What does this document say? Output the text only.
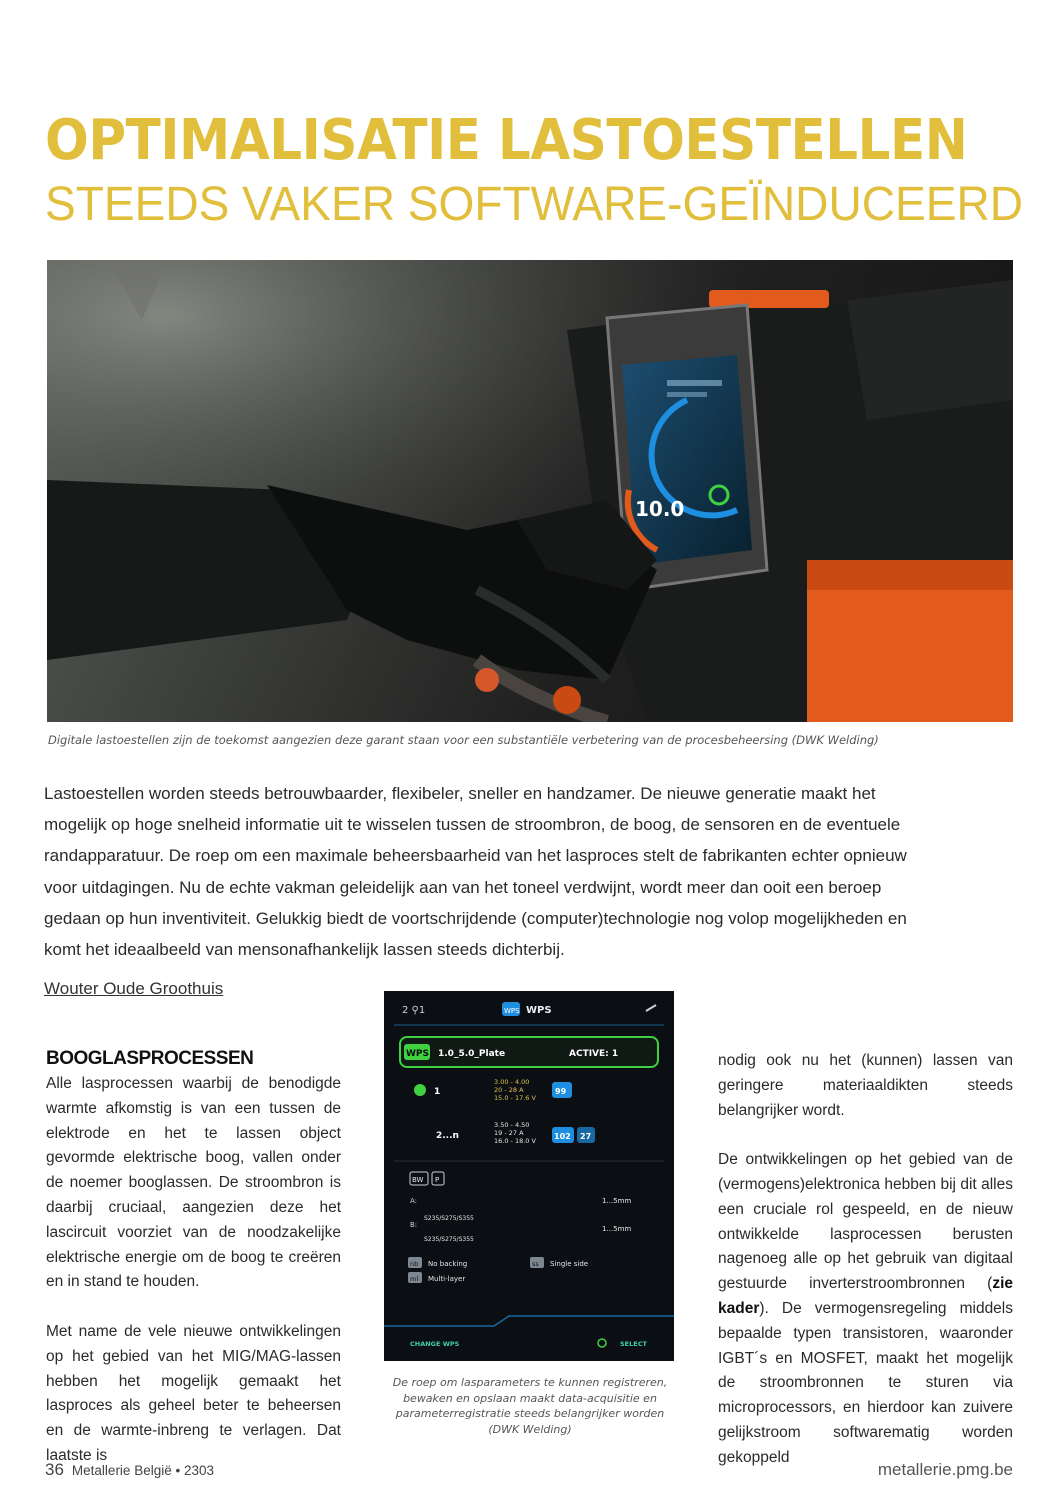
OPTIMALISATIE LASTOESTELLEN
STEEDS VAKER SOFTWARE-GEÏNDUCEERD
10.0
Digitale lastoestellen zijn de toekomst aangezien deze garant staan voor een substantiële verbetering van de procesbeheersing (DWK Welding)

Lastoestellen worden steeds betrouwbaarder, flexibeler, sneller en handzamer. De nieuwe generatie maakt het mogelijk op hoge snelheid informatie uit te wisselen tussen de stroombron, de boog, de sensoren en de eventuele randapparatuur. De roep om een maximale beheersbaarheid van het lasproces stelt de fabrikanten echter opnieuw voor uitdagingen. Nu de echte vakman geleidelijk aan van het toneel verdwijnt, wordt meer dan ooit een beroep gedaan op hun inventiviteit. Gelukkig biedt de voortschrijdende (computer)technologie nog volop mogelijkheden en komt het ideaalbeeld van mensonafhankelijk lassen steeds dichterbij.

Wouter Oude Groothuis
BOOGLASPROCESSEN

Alle lasprocessen waarbij de benodigde warmte afkomstig is van een tussen de elektrode en het te lassen object gevormde elektrische boog, vallen onder de noemer booglassen. De stroombron is daarbij cruciaal, aangezien deze het lascircuit voorziet van de noodzakelijke elektrische energie om de boog te creëren en in stand te houden.

Met name de vele nieuwe ontwikkelingen op het gebied van het MIG/MAG-lassen hebben het mogelijk gemaakt het lasproces als geheel beter te beheersen en de warmte-inbreng te verlagen. Dat laatste is

2 ⚲1	WPS WPS
WPS 1.0_5.0_Plate	ACTIVE: 1
1
3.00 - 4.00
20 - 28 A
15.0 - 17.6 V
99
2...n
3.50 - 4.50
19 - 27 A
16.0 - 18.0 V 102 27
BW P
A:
S235/S275/S355
1...5mm
B:
S235/S275/S355
1...5mm
nb No backing
ml Multi-layer
ss Single side
CHANGE WPS	SELECT
De roep om lasparameters te kunnen registreren, bewaken en opslaan maakt data-acquisitie en parameterregistratie steeds belangrijker worden (DWK Welding)

nodig ook nu het (kunnen) lassen van geringere materiaaldikten steeds belangrijker wordt.

De ontwikkelingen op het gebied van de (vermogens)elektronica hebben bij dit alles een cruciale rol gespeeld, en de nieuw ontwikkelde lasprocessen berusten nagenoeg alle op het gebruik van digitaal gestuurde inverterstroombronnen (zie kader). De vermogensregeling middels bepaalde typen transistoren, waaronder IGBT´s en MOSFET, maakt het mogelijk de stroombronnen te sturen via microprocessors, en hierdoor kan zuivere gelijkstroom softwarematig worden gekoppeld

36 Metallerie België • 2303	metallerie.pmg.be
